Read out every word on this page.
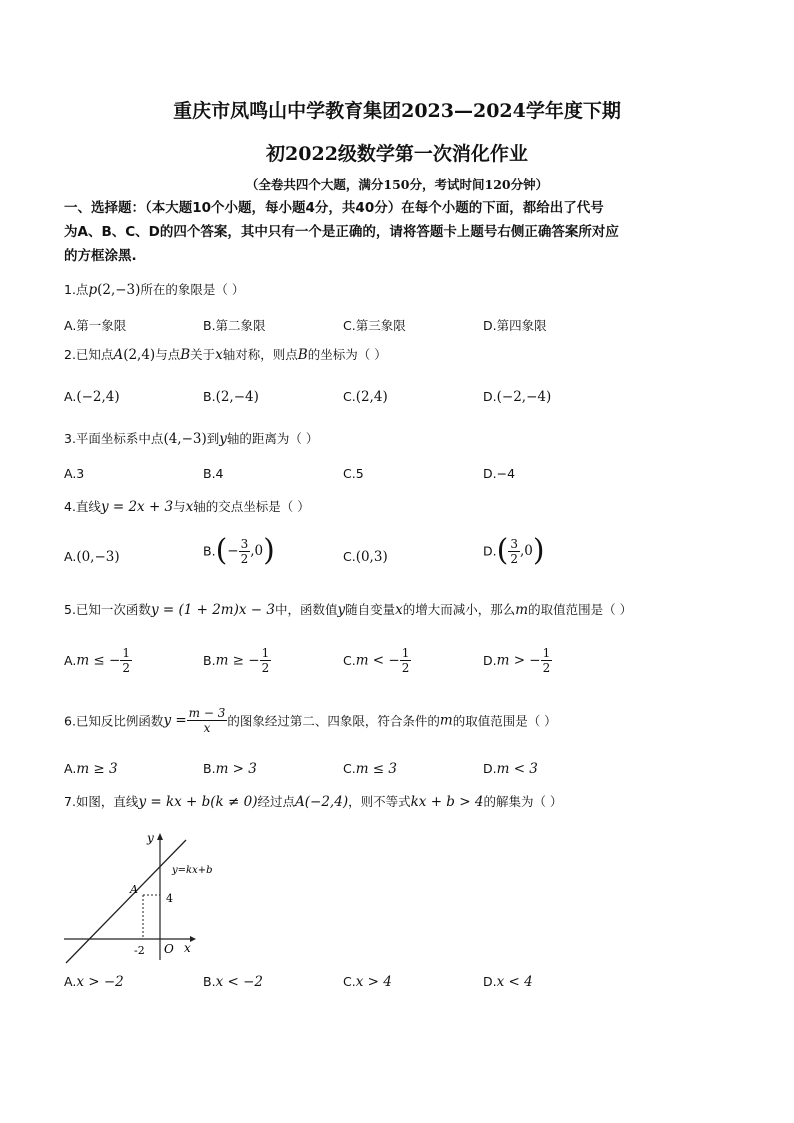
重庆市凤鸣山中学教育集团2023—2024学年度下期
初2022级数学第一次消化作业
（全卷共四个大题，满分150分，考试时间120分钟）
一、选择题：（本大题10个小题，每小题4分，共40分）在每个小题的下面，都给出了代号
为A、B、C、D的四个答案，其中只有一个是正确的，请将答题卡上题号右侧正确答案所对应
的方框涂黑.
1.点p(2,−3)所在的象限是（ ）
A.第一象限	B.第二象限	C.第三象限	D.第四象限
2.已知点A(2,4)与点B关于x轴对称，则点B的坐标为（ ）
A.(−2,4)	B.(2,−4)	C.(2,4)	D.(−2,−4)
3.平面坐标系中点(4,−3)到y轴的距离为（ ）
A.3	B.4	C.5	D.−4
4.直线y = 2x + 3与x轴的交点坐标是（ ）
A.(0,−3)	$B.(- \frac{3}{2} ,0)$	C.(0,3)	$D.( \frac{3}{2} ,0)$
5.已知一次函数y = (1 + 2m)x − 3中，函数值y随自变量x的增大而减小，那么m的取值范围是（ ）
A.m ≤ − $\frac{1}{2}$	B.m ≥ − $\frac{1}{2}$	C.m < − $\frac{1}{2}$	D.m > − $\frac{1}{2}$
6.已知反比例函数$y = \frac{m - 3}{x}$ 的图象经过第二、四象限，符合条件的m的取值范围是（ ）
A.m ≥ 3	B.m > 3	C.m ≤ 3	D.m < 3
7.如图，直线y = kx + b(k ≠ 0)经过点A(−2,4)，则不等式kx + b > 4的解集为（ ）
y
x
O
y=kx+b
A
4
-2
A.x > −2	B.x < −2	C.x > 4	D.x < 4
